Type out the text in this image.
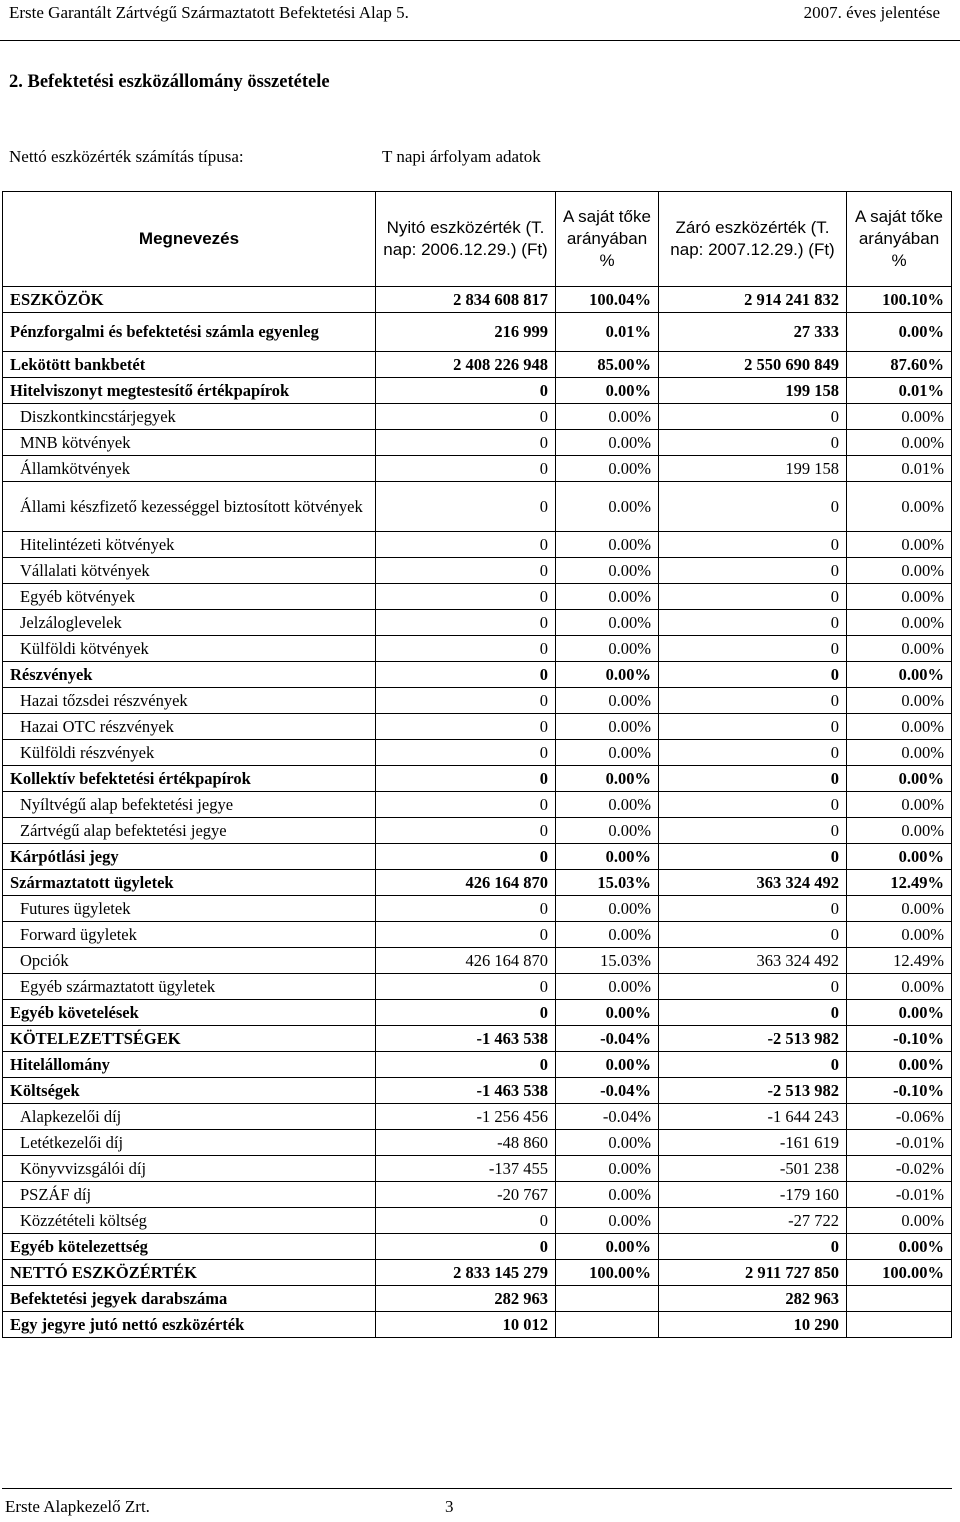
Erste Garantált Zártvégű Származtatott Befektetési Alap 5.	2007. éves jelentése
2. Befektetési eszközállomány összetétele
Nettó eszközérték számítás típusa:	T napi árfolyam adatok
Megnevezés	Nyitó eszközérték (T. nap: 2006.12.29.) (Ft)	A saját tőke arányában %	Záró eszközérték (T. nap: 2007.12.29.) (Ft)	A saját tőke arányában %
ESZKÖZÖK	2 834 608 817	100.04%	2 914 241 832	100.10%
Pénzforgalmi és befektetési számla egyenleg	216 999	0.01%	27 333	0.00%
Lekötött bankbetét	2 408 226 948	85.00%	2 550 690 849	87.60%
Hitelviszonyt megtestesítő értékpapírok	0	0.00%	199 158	0.01%
Diszkontkincstárjegyek	0	0.00%	0	0.00%
MNB kötvények	0	0.00%	0	0.00%
Államkötvények	0	0.00%	199 158	0.01%
Állami készfizető kezességgel biztosított kötvények	0	0.00%	0	0.00%
Hitelintézeti kötvények	0	0.00%	0	0.00%
Vállalati kötvények	0	0.00%	0	0.00%
Egyéb kötvények	0	0.00%	0	0.00%
Jelzáloglevelek	0	0.00%	0	0.00%
Külföldi kötvények	0	0.00%	0	0.00%
Részvények	0	0.00%	0	0.00%
Hazai tőzsdei részvények	0	0.00%	0	0.00%
Hazai OTC részvények	0	0.00%	0	0.00%
Külföldi részvények	0	0.00%	0	0.00%
Kollektív befektetési értékpapírok	0	0.00%	0	0.00%
Nyíltvégű alap befektetési jegye	0	0.00%	0	0.00%
Zártvégű alap befektetési jegye	0	0.00%	0	0.00%
Kárpótlási jegy	0	0.00%	0	0.00%
Származtatott ügyletek	426 164 870	15.03%	363 324 492	12.49%
Futures ügyletek	0	0.00%	0	0.00%
Forward ügyletek	0	0.00%	0	0.00%
Opciók	426 164 870	15.03%	363 324 492	12.49%
Egyéb származtatott ügyletek	0	0.00%	0	0.00%
Egyéb követelések	0	0.00%	0	0.00%
KÖTELEZETTSÉGEK	-1 463 538	-0.04%	-2 513 982	-0.10%
Hitelállomány	0	0.00%	0	0.00%
Költségek	-1 463 538	-0.04%	-2 513 982	-0.10%
Alapkezelői díj	-1 256 456	-0.04%	-1 644 243	-0.06%
Letétkezelői díj	-48 860	0.00%	-161 619	-0.01%
Könyvvizsgálói díj	-137 455	0.00%	-501 238	-0.02%
PSZÁF díj	-20 767	0.00%	-179 160	-0.01%
Közzétételi költség	0	0.00%	-27 722	0.00%
Egyéb kötelezettség	0	0.00%	0	0.00%
NETTÓ ESZKÖZÉRTÉK	2 833 145 279	100.00%	2 911 727 850	100.00%
Befektetési jegyek darabszáma	282 963		282 963	
Egy jegyre jutó nettó eszközérték	10 012		10 290	
Erste Alapkezelő Zrt.	3
